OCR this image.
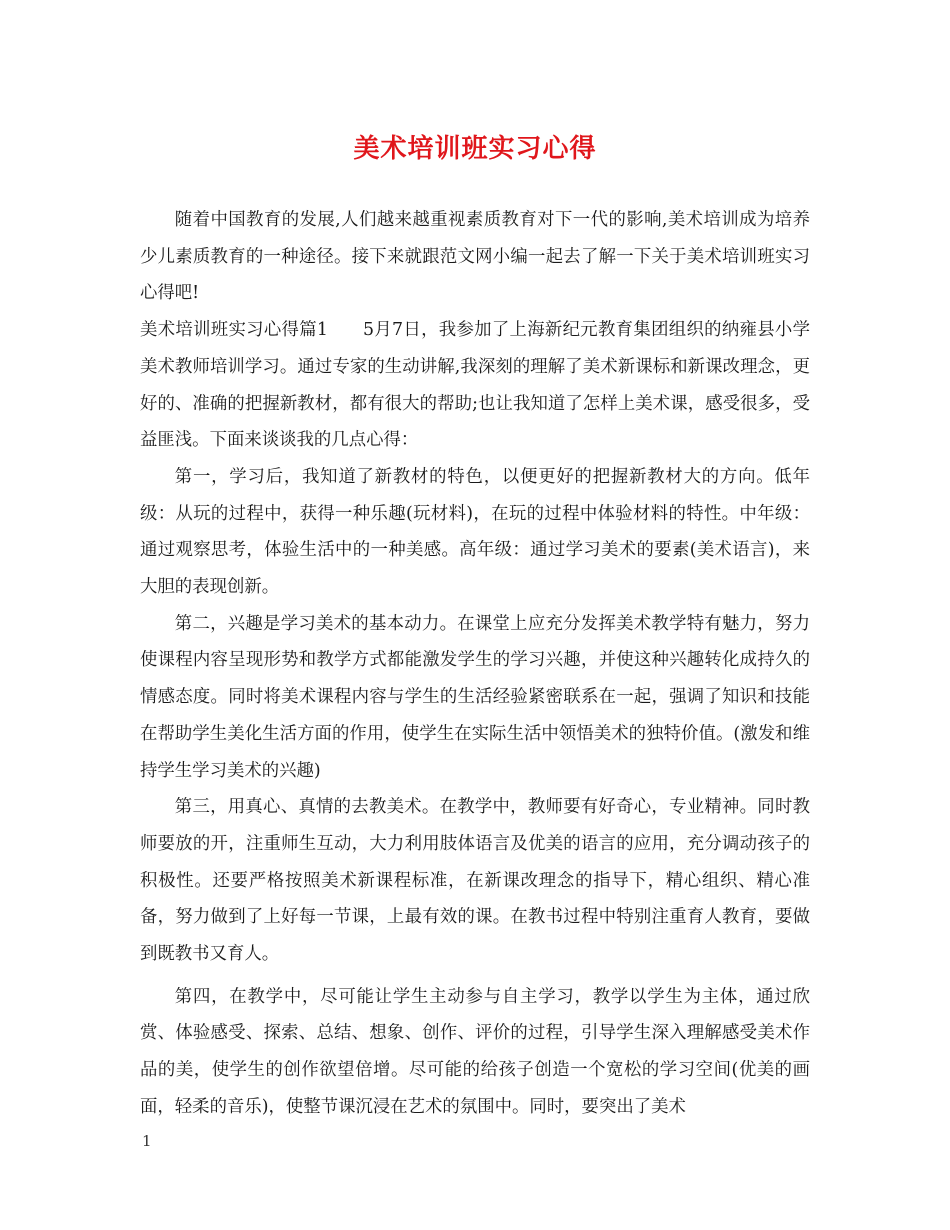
美术培训班实习心得

随着中国教育的发展,人们越来越重视素质教育对下一代的影响,美术培训成为培养少儿素质教育的一种途径。接下来就跟范文网小编一起去了解一下关于美术培训班实习心得吧!

美术培训班实习心得篇1 5月7日，我参加了上海新纪元教育集团组织的纳雍县小学美术教师培训学习。通过专家的生动讲解,我深刻的理解了美术新课标和新课改理念，更好的、准确的把握新教材，都有很大的帮助;也让我知道了怎样上美术课，感受很多，受益匪浅。下面来谈谈我的几点心得：

第一，学习后，我知道了新教材的特色，以便更好的把握新教材大的方向。低年级：从玩的过程中，获得一种乐趣(玩材料)，在玩的过程中体验材料的特性。中年级：通过观察思考，体验生活中的一种美感。高年级：通过学习美术的要素(美术语言)，来大胆的表现创新。

第二，兴趣是学习美术的基本动力。在课堂上应充分发挥美术教学特有魅力，努力使课程内容呈现形势和教学方式都能激发学生的学习兴趣，并使这种兴趣转化成持久的情感态度。同时将美术课程内容与学生的生活经验紧密联系在一起，强调了知识和技能在帮助学生美化生活方面的作用，使学生在实际生活中领悟美术的独特价值。(激发和维持学生学习美术的兴趣)

第三，用真心、真情的去教美术。在教学中，教师要有好奇心，专业精神。同时教师要放的开，注重师生互动，大力利用肢体语言及优美的语言的应用，充分调动孩子的积极性。还要严格按照美术新课程标准，在新课改理念的指导下，精心组织、精心准备，努力做到了上好每一节课，上最有效的课。在教书过程中特别注重育人教育，要做到既教书又育人。

第四，在教学中，尽可能让学生主动参与自主学习，教学以学生为主体，通过欣赏、体验感受、探索、总结、想象、创作、评价的过程，引导学生深入理解感受美术作品的美，使学生的创作欲望倍增。尽可能的给孩子创造一个宽松的学习空间(优美的画面，轻柔的音乐)，使整节课沉浸在艺术的氛围中。同时，要突出了美术

1
